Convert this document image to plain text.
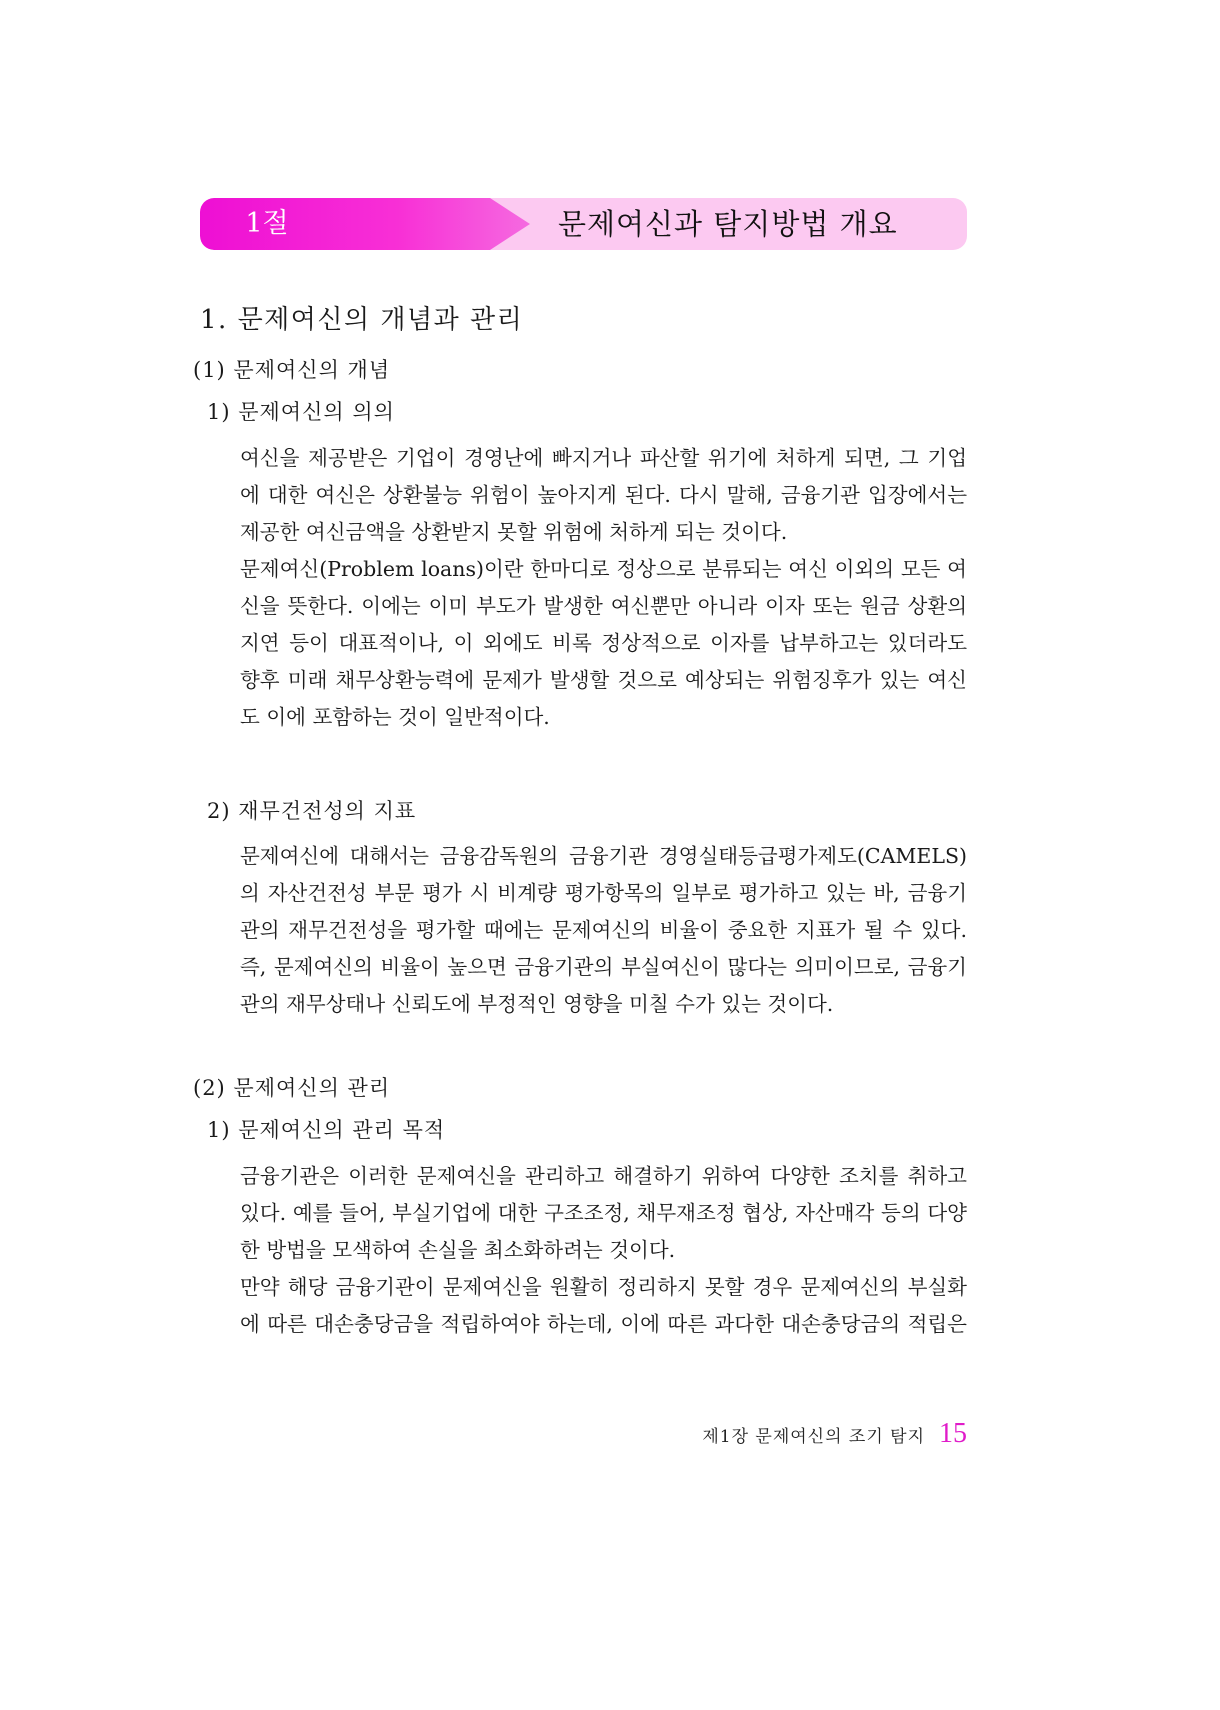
1절	문제여신과 탐지방법 개요
1. 문제여신의 개념과 관리
(1) 문제여신의 개념
1) 문제여신의 의의
여신을 제공받은 기업이 경영난에 빠지거나 파산할 위기에 처하게 되면, 그 기업
에 대한 여신은 상환불능 위험이 높아지게 된다. 다시 말해, 금융기관 입장에서는
제공한 여신금액을 상환받지 못할 위험에 처하게 되는 것이다.
문제여신(Problem loans)이란 한마디로 정상으로 분류되는 여신 이외의 모든 여
신을 뜻한다. 이에는 이미 부도가 발생한 여신뿐만 아니라 이자 또는 원금 상환의
지연 등이 대표적이나, 이 외에도 비록 정상적으로 이자를 납부하고는 있더라도
향후 미래 채무상환능력에 문제가 발생할 것으로 예상되는 위험징후가 있는 여신
도 이에 포함하는 것이 일반적이다.
2) 재무건전성의 지표
문제여신에 대해서는 금융감독원의 금융기관 경영실태등급평가제도(CAMELS)
의 자산건전성 부문 평가 시 비계량 평가항목의 일부로 평가하고 있는 바, 금융기
관의 재무건전성을 평가할 때에는 문제여신의 비율이 중요한 지표가 될 수 있다.
즉, 문제여신의 비율이 높으면 금융기관의 부실여신이 많다는 의미이므로, 금융기
관의 재무상태나 신뢰도에 부정적인 영향을 미칠 수가 있는 것이다.
(2) 문제여신의 관리
1) 문제여신의 관리 목적
금융기관은 이러한 문제여신을 관리하고 해결하기 위하여 다양한 조치를 취하고
있다. 예를 들어, 부실기업에 대한 구조조정, 채무재조정 협상, 자산매각 등의 다양
한 방법을 모색하여 손실을 최소화하려는 것이다.
만약 해당 금융기관이 문제여신을 원활히 정리하지 못할 경우 문제여신의 부실화
에 따른 대손충당금을 적립하여야 하는데, 이에 따른 과다한 대손충당금의 적립은
제1장 문제여신의 조기 탐지 15
